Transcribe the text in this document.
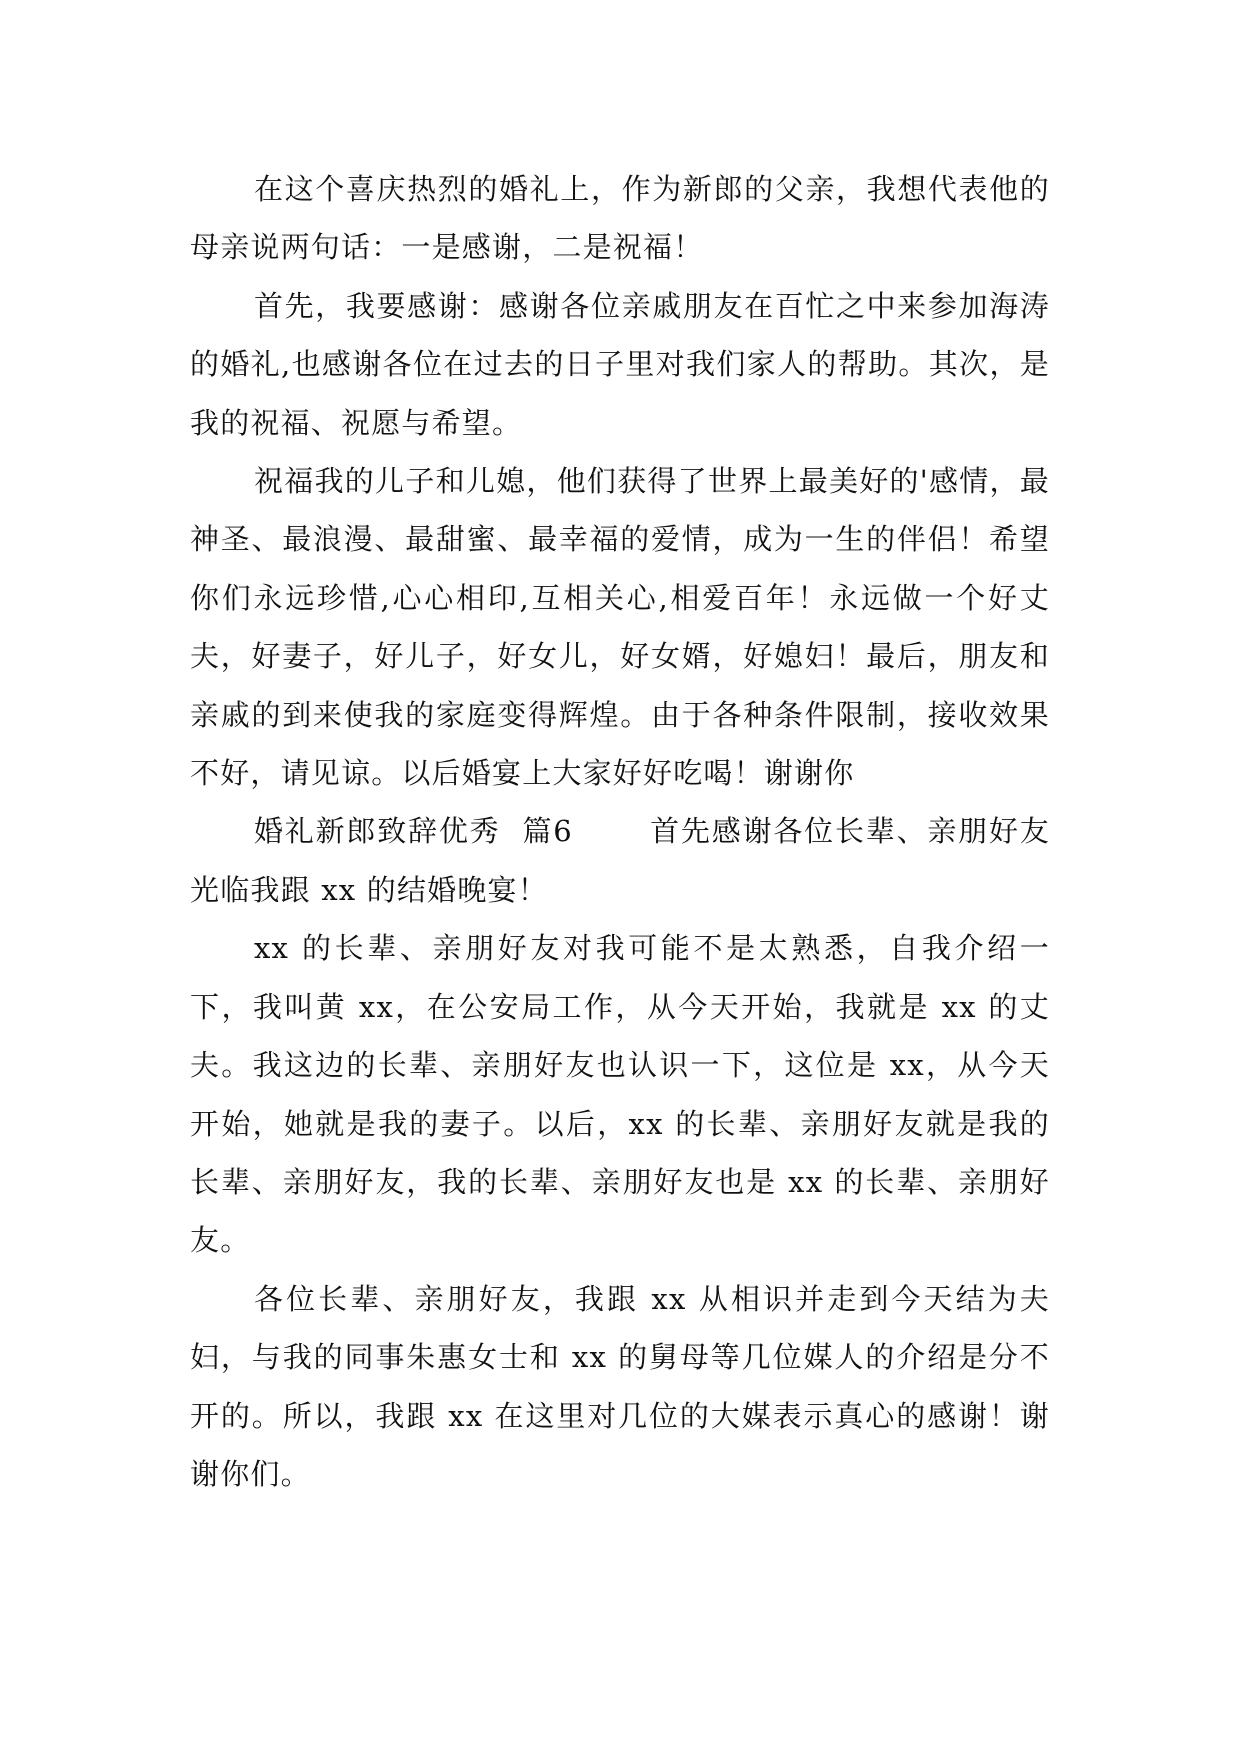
在这个喜庆热烈的婚礼上，作为新郎的父亲，我想代表他的母亲说两句话：一是感谢，二是祝福！

首先，我要感谢：感谢各位亲戚朋友在百忙之中来参加海涛的婚礼,也感谢各位在过去的日子里对我们家人的帮助。其次，是我的祝福、祝愿与希望。

祝福我的儿子和儿媳，他们获得了世界上最美好的'感情，最神圣、最浪漫、最甜蜜、最幸福的爱情，成为一生的伴侣！希望你们永远珍惜,心心相印,互相关心,相爱百年！永远做一个好丈夫，好妻子，好儿子，好女儿，好女婿，好媳妇！最后，朋友和亲戚的到来使我的家庭变得辉煌。由于各种条件限制，接收效果不好，请见谅。以后婚宴上大家好好吃喝！谢谢你

婚礼新郎致辞优秀  篇6       首先感谢各位长辈、亲朋好友光临我跟 xx 的结婚晚宴！

xx 的长辈、亲朋好友对我可能不是太熟悉，自我介绍一下，我叫黄 xx，在公安局工作，从今天开始，我就是 xx 的丈夫。我这边的长辈、亲朋好友也认识一下，这位是 xx，从今天开始，她就是我的妻子。以后，xx 的长辈、亲朋好友就是我的长辈、亲朋好友，我的长辈、亲朋好友也是 xx 的长辈、亲朋好友。

各位长辈、亲朋好友，我跟 xx 从相识并走到今天结为夫妇，与我的同事朱惠女士和 xx 的舅母等几位媒人的介绍是分不开的。所以，我跟 xx 在这里对几位的大媒表示真心的感谢！谢谢你们。
